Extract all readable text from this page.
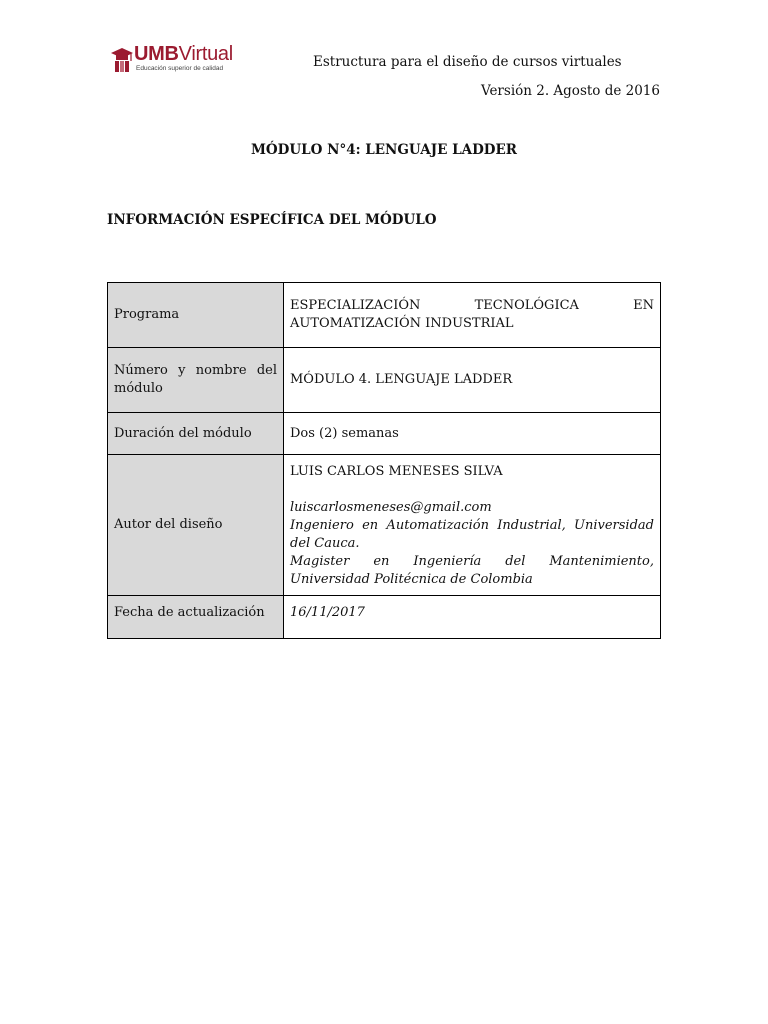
UMBVirtual
Educación superior de calidad	Estructura para el diseño de cursos virtuales
Versión 2. Agosto de 2016
MÓDULO N°4: LENGUAJE LADDER
INFORMACIÓN ESPECÍFICA DEL MÓDULO
Programa	ESPECIALIZACIÓN TECNOLÓGICA EN AUTOMATIZACIÓN INDUSTRIAL
Número y nombre del módulo	MÓDULO 4. LENGUAJE LADDER
Duración del módulo	Dos (2) semanas
Autor del diseño	LUIS CARLOS MENESES SILVA
luiscarlosmeneses@gmail.com
Ingeniero en Automatización Industrial, Universidad del Cauca.
Magister en Ingeniería del Mantenimiento, Universidad Politécnica de Colombia

Fecha de actualización	16/11/2017
